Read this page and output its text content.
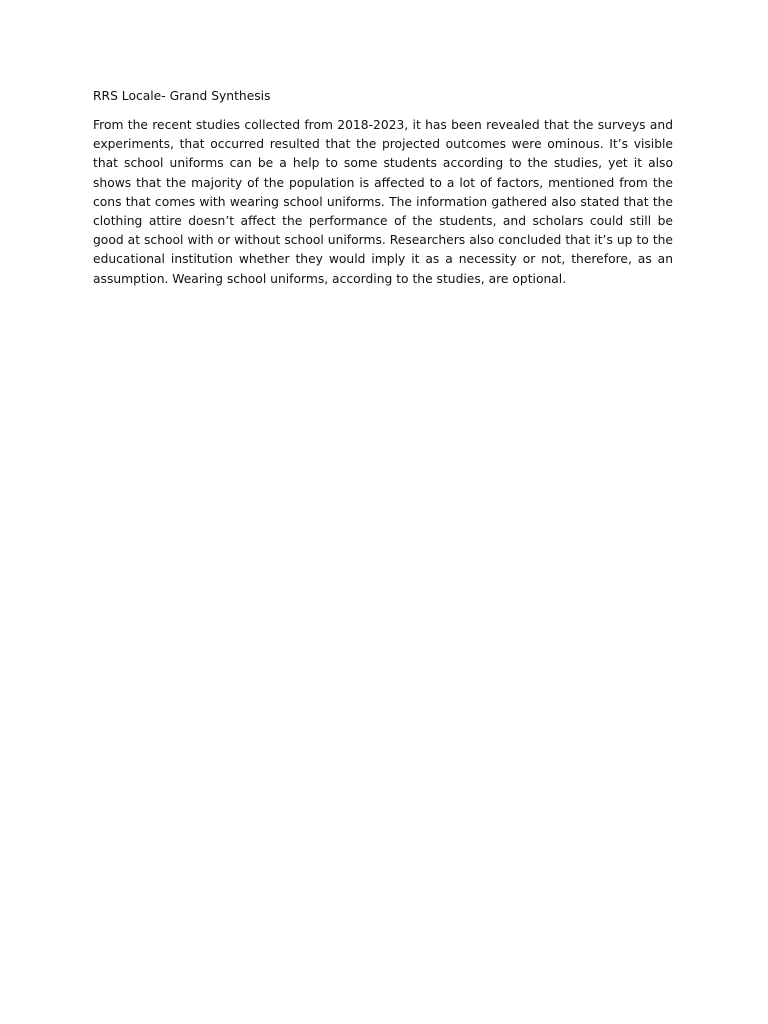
RRS Locale- Grand Synthesis

From the recent studies collected from 2018-2023, it has been revealed that the surveys and experiments, that occurred resulted that the projected outcomes were ominous. It’s visible that school uniforms can be a help to some students according to the studies, yet it also shows that the majority of the population is affected to a lot of factors, mentioned from the cons that comes with wearing school uniforms. The information gathered also stated that the clothing attire doesn’t affect the performance of the students, and scholars could still be good at school with or without school uniforms. Researchers also concluded that it’s up to the educational institution whether they would imply it as a necessity or not, therefore, as an assumption. Wearing school uniforms, according to the studies, are optional.
